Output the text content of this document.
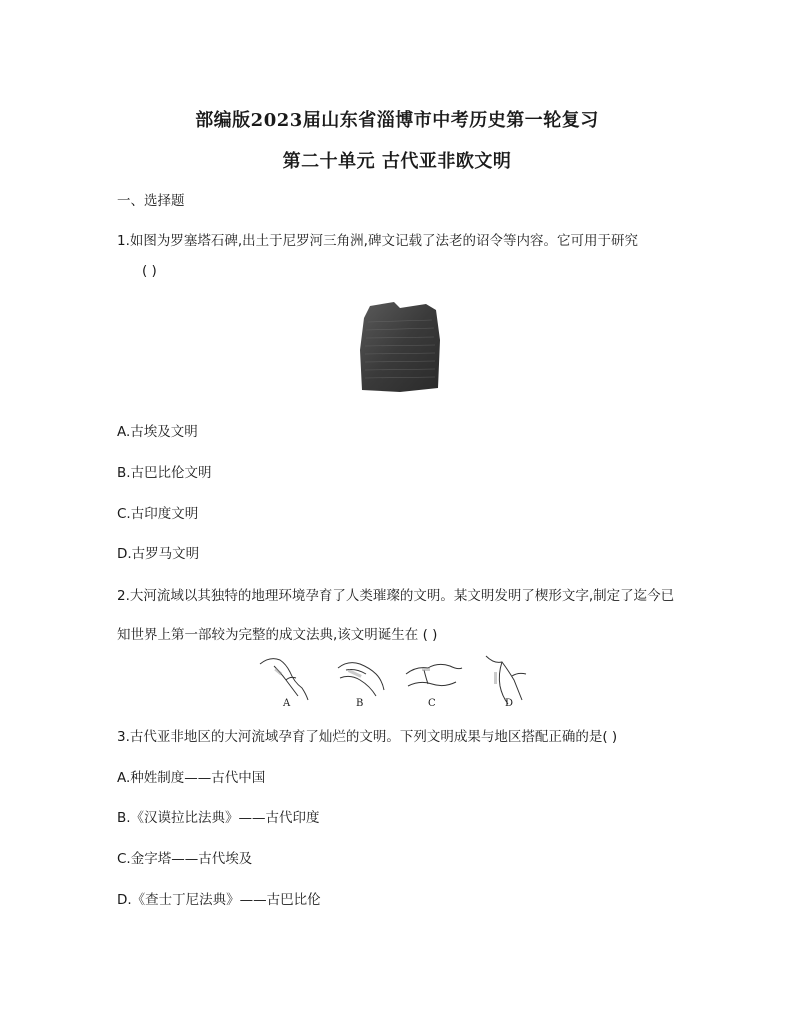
部编版2023届山东省淄博市中考历史第一轮复习
第二十单元 古代亚非欧文明
一、选择题
1.如图为罗塞塔石碑,出土于尼罗河三角洲,碑文记载了法老的诏令等内容。它可用于研究
( )
A.古埃及文明
B.古巴比伦文明
C.古印度文明
D.古罗马文明
2.大河流域以其独特的地理环境孕育了人类璀璨的文明。某文明发明了楔形文字,制定了迄今已
知世界上第一部较为完整的成文法典,该文明诞生在 ( )
A	B	C	D
3.古代亚非地区的大河流域孕育了灿烂的文明。下列文明成果与地区搭配正确的是( )
A.种姓制度——古代中国
B.《汉谟拉比法典》——古代印度
C.金字塔——古代埃及
D.《查士丁尼法典》——古巴比伦
